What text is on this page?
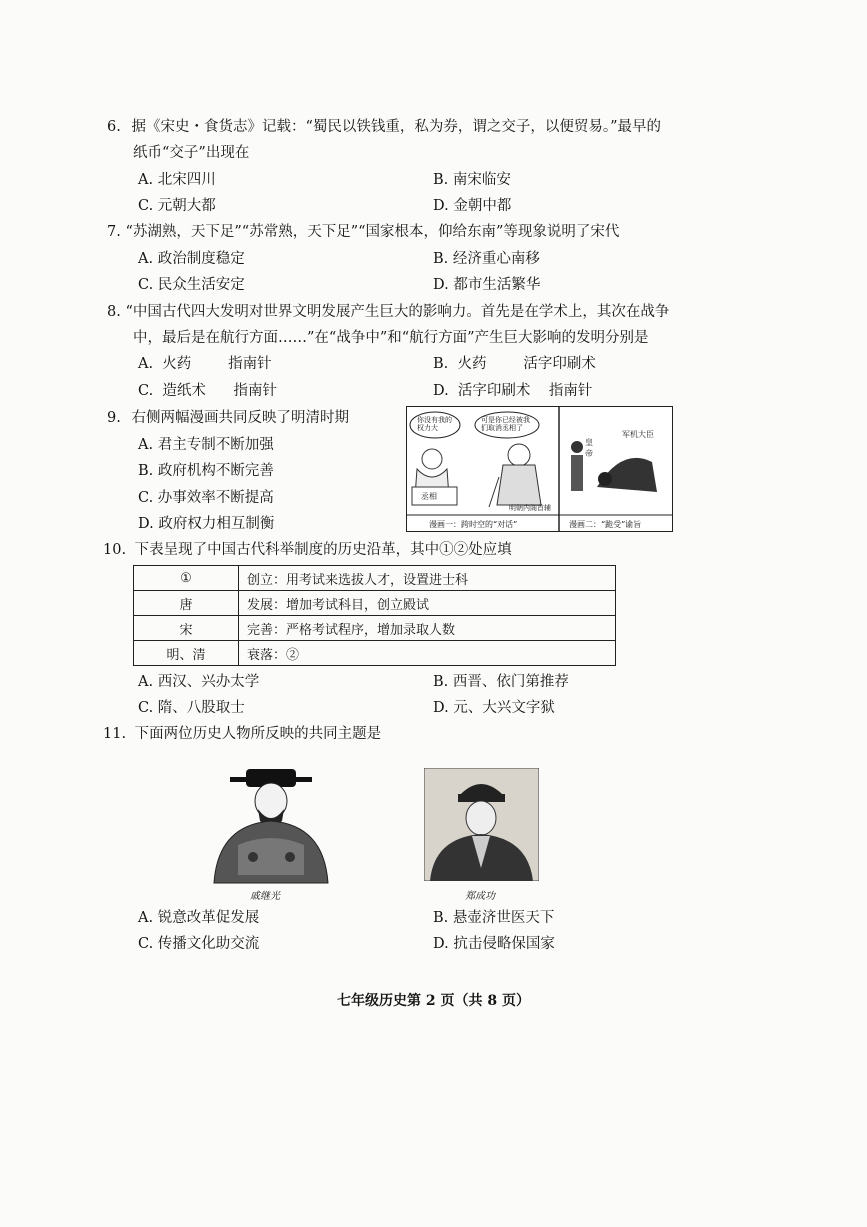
6. 据《宋史・食货志》记载：“蜀民以铁钱重，私为券，谓之交子，以便贸易。”最早的
纸币“交子”出现在
A. 北宋四川	B. 南宋临安
C. 元朝大都	D. 金朝中都
7. “苏湖熟，天下足”“苏常熟，天下足”“国家根本，仰给东南”等现象说明了宋代
A. 政治制度稳定	B. 经济重心南移
C. 民众生活安定	D. 都市生活繁华
8. “中国古代四大发明对世界文明发展产生巨大的影响力。首先是在学术上，其次在战争
中，最后是在航行方面……”在“战争中”和“航行方面”产生巨大影响的发明分别是
A.  火药        指南针	B.  火药        活字印刷术
C.  造纸术      指南针	D.  活字印刷术    指南针
9. 右侧两幅漫画共同反映了明清时期
A. 君主专制不断加强
B. 政府机构不断完善
C. 办事效率不断提高
D. 政府权力相互制衡
你没有我的权力大
可是你已经被我们取消丞相了
丞相
明朝内阁首辅
皇帝
军机大臣
漫画一：跨时空的“对话”	漫画二：“跪受”谕旨
10. 下表呈现了中国古代科举制度的历史沿革，其中①②处应填
①	创立：用考试来选拔人才，设置进士科
唐	发展：增加考试科目，创立殿试
宋	完善：严格考试程序，增加录取人数
明、清	衰落：②
A. 西汉、兴办太学	B. 西晋、依门第推荐
C. 隋、八股取士	D. 元、大兴文字狱
11. 下面两位历史人物所反映的共同主题是
戚继光	郑成功
A. 锐意改革促发展	B. 悬壶济世医天下
C. 传播文化助交流	D. 抗击侵略保国家
七年级历史第 2 页（共 8 页）
